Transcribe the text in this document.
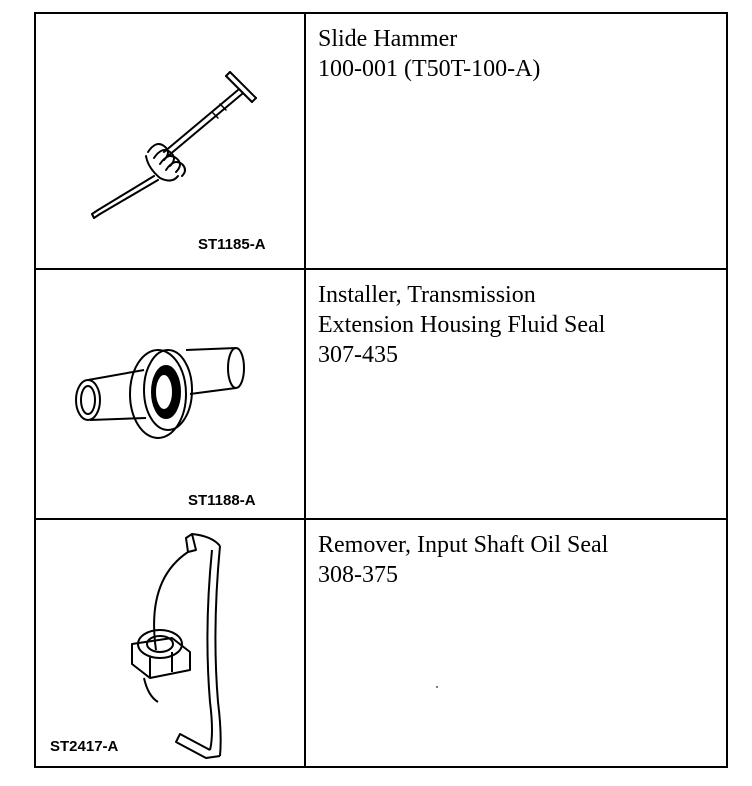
ST1185-A
Slide Hammer
100-001 (T50T-100-A)
ST1188-A
Installer, Transmission
Extension Housing Fluid Seal
307-435
ST2417-A
Remover, Input Shaft Oil Seal
308-375
